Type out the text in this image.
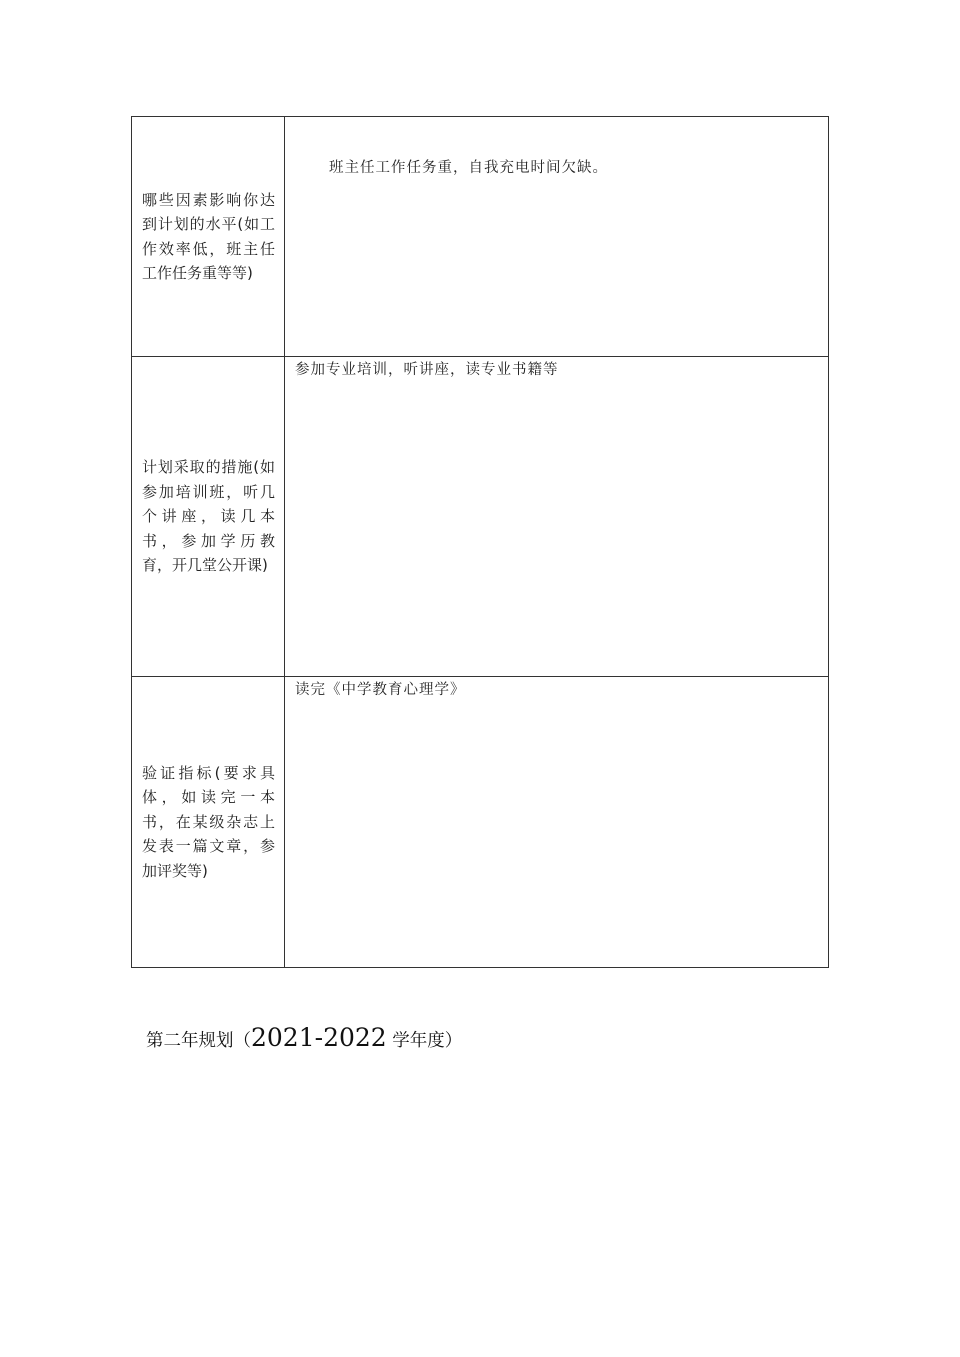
哪些因素影响你达到计划的水平(如工作效率低，班主任工作任务重等等)	班主任工作任务重，自我充电时间欠缺。

计划采取的措施(如参加培训班，听几个讲座，读几本书，参加学历教育，开几堂公开课)	参加专业培训，听讲座，读专业书籍等

验证指标(要求具体，如读完一本书，在某级杂志上发表一篇文章，参加评奖等)	读完《中学教育心理学》
第二年规划（2021-2022 学年度）
